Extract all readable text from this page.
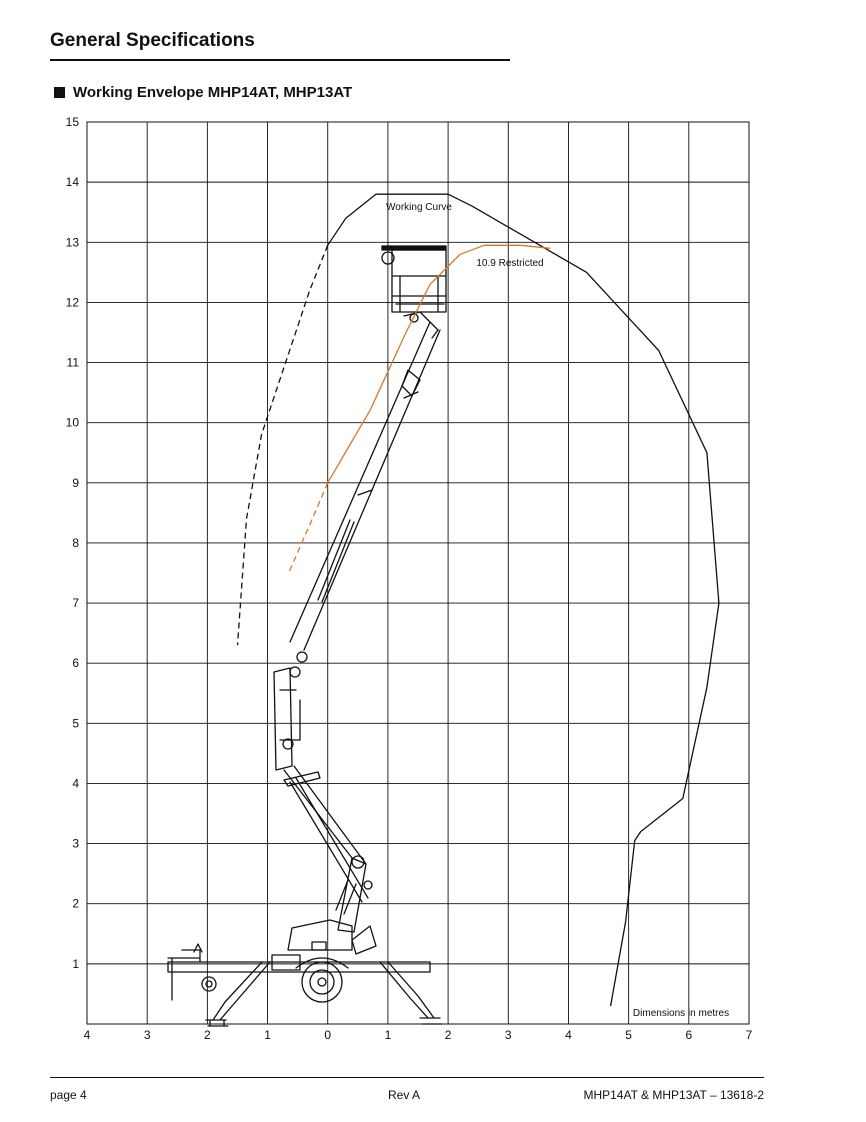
General Specifications
Working Envelope MHP14AT, MHP13AT
4	3	2	1	0	1	2	3	4	5	6	7
15
14
13
12
11
10
9
8
7
6
5
4
3
2
1
Working Curve
10.9 Restricted
Dimensions in metres
page 4	Rev A	MHP14AT & MHP13AT – 13618-2
